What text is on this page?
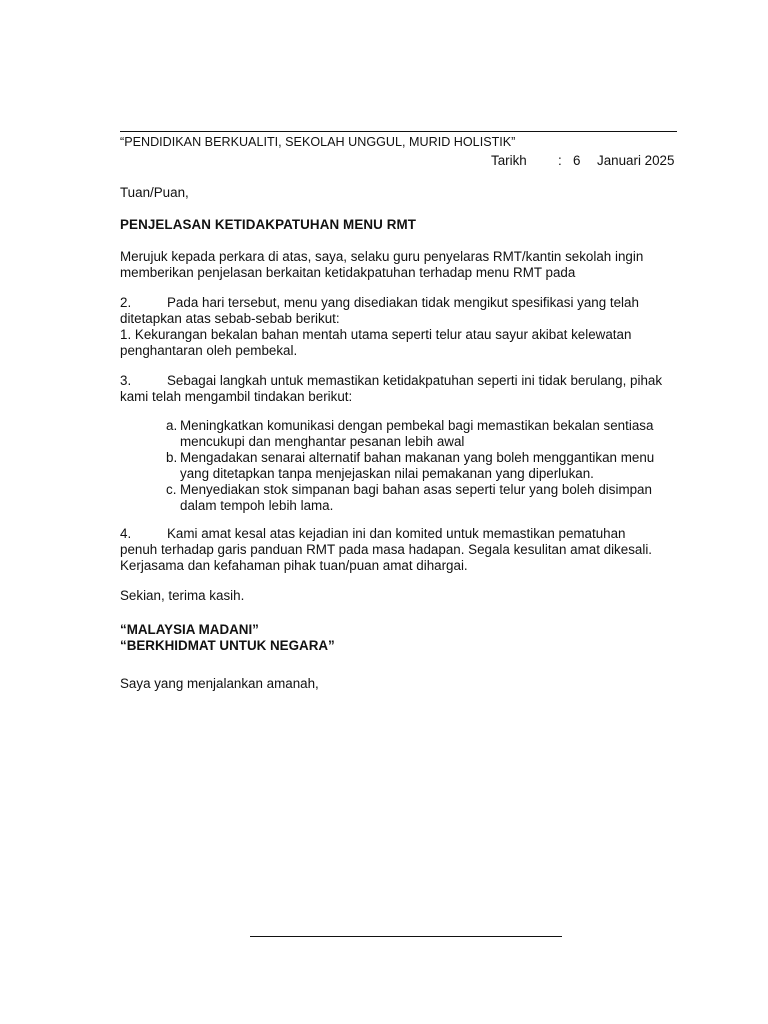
“PENDIDIKAN BERKUALITI, SEKOLAH UNGGUL, MURID HOLISTIK”
Tarikh : 6 Januari 2025
Tuan/Puan,
PENJELASAN KETIDAKPATUHAN MENU RMT
Merujuk kepada perkara di atas, saya, selaku guru penyelaras RMT/kantin sekolah ingin
memberikan penjelasan berkaitan ketidakpatuhan terhadap menu RMT pada
2.	Pada hari tersebut, menu yang disediakan tidak mengikut spesifikasi yang telah
ditetapkan atas sebab-sebab berikut:
1. Kekurangan bekalan bahan mentah utama seperti telur atau sayur akibat kelewatan
penghantaran oleh pembekal.
3.	Sebagai langkah untuk memastikan ketidakpatuhan seperti ini tidak berulang, pihak
kami telah mengambil tindakan berikut:
a. Meningkatkan komunikasi dengan pembekal bagi memastikan bekalan sentiasa
mencukupi dan menghantar pesanan lebih awal
b. Mengadakan senarai alternatif bahan makanan yang boleh menggantikan menu
yang ditetapkan tanpa menjejaskan nilai pemakanan yang diperlukan.
c. Menyediakan stok simpanan bagi bahan asas seperti telur yang boleh disimpan
dalam tempoh lebih lama.
4.	Kami amat kesal atas kejadian ini dan komited untuk memastikan pematuhan
penuh terhadap garis panduan RMT pada masa hadapan. Segala kesulitan amat dikesali.
Kerjasama dan kefahaman pihak tuan/puan amat dihargai.
Sekian, terima kasih.
“MALAYSIA MADANI”
“BERKHIDMAT UNTUK NEGARA”
Saya yang menjalankan amanah,
